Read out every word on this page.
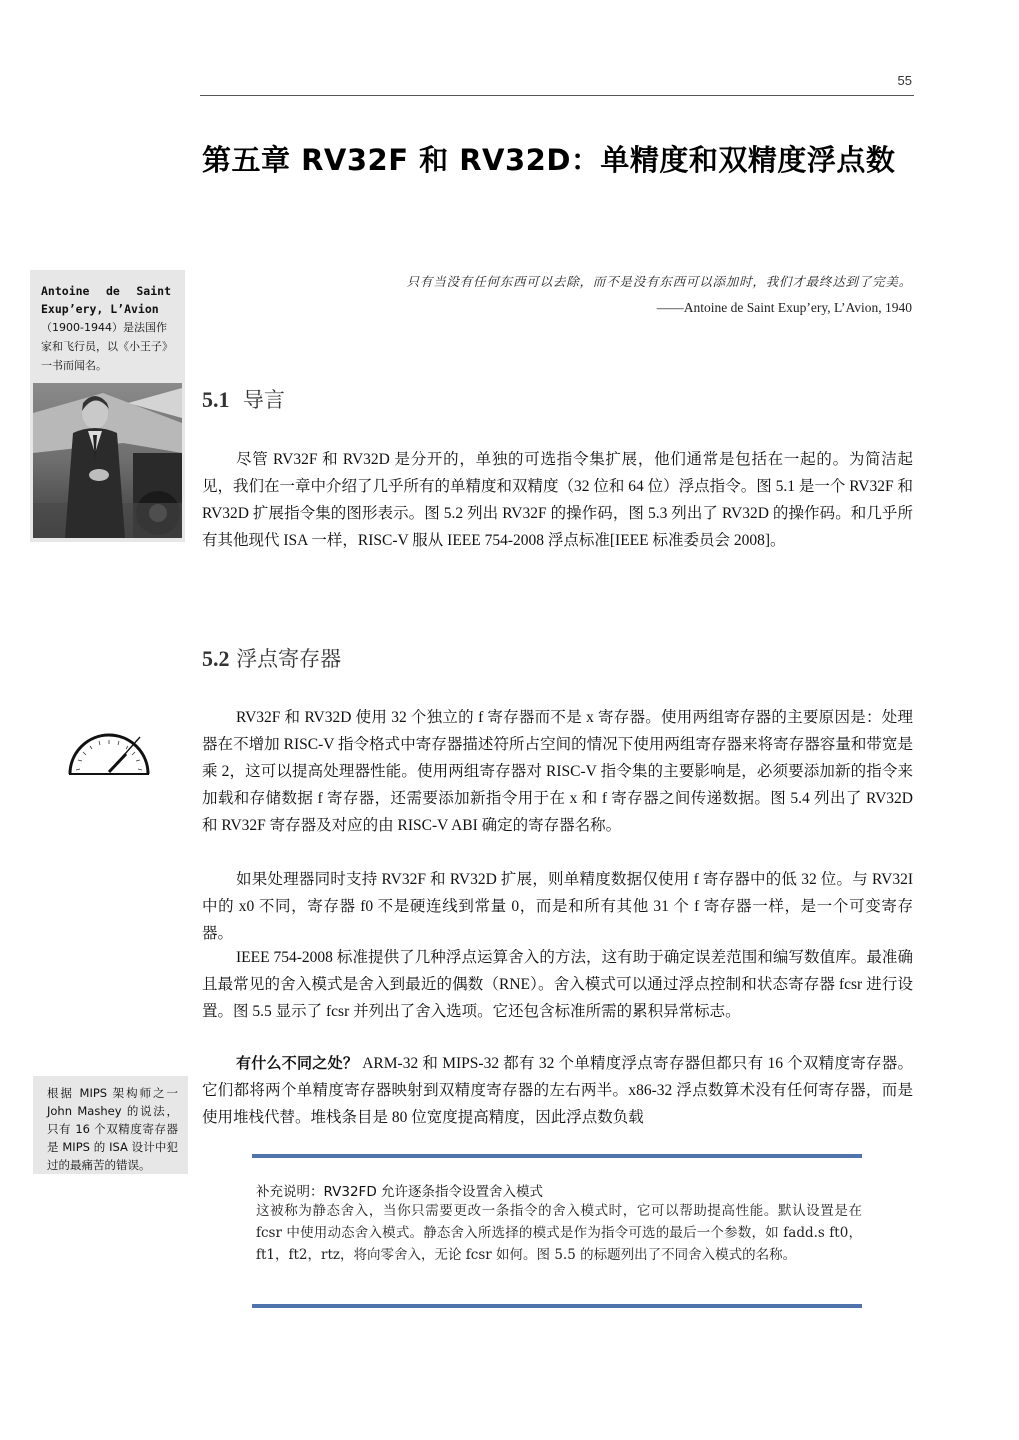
55
第五章 RV32F 和 RV32D：单精度和双精度浮点数
只有当没有任何东西可以去除，而不是没有东西可以添加时，我们才最终达到了完美。
——Antoine de Saint Exup’ery, L’Avion, 1940
Antoine de Saint
Exup’ery, L’Avion
（1900-1944）是法国作家和飞行员，以《小王子》一书而闻名。
5.1 导言
尽管 RV32F 和 RV32D 是分开的，单独的可选指令集扩展，他们通常是包括在一起的。为简洁起见，我们在一章中介绍了几乎所有的单精度和双精度（32 位和 64 位）浮点指令。图 5.1 是一个 RV32F 和 RV32D 扩展指令集的图形表示。图 5.2 列出 RV32F 的操作码，图 5.3 列出了 RV32D 的操作码。和几乎所有其他现代 ISA 一样，RISC-V 服从 IEEE 754-2008 浮点标准[IEEE 标准委员会 2008]。
5.2 浮点寄存器
RV32F 和 RV32D 使用 32 个独立的 f 寄存器而不是 x 寄存器。使用两组寄存器的主要原因是：处理器在不增加 RISC-V 指令格式中寄存器描述符所占空间的情况下使用两组寄存器来将寄存器容量和带宽是乘 2，这可以提高处理器性能。使用两组寄存器对 RISC-V 指令集的主要影响是，必须要添加新的指令来加载和存储数据 f 寄存器，还需要添加新指令用于在 x 和 f 寄存器之间传递数据。图 5.4 列出了 RV32D 和 RV32F 寄存器及对应的由 RISC-V ABI 确定的寄存器名称。
如果处理器同时支持 RV32F 和 RV32D 扩展，则单精度数据仅使用 f 寄存器中的低 32 位。与 RV32I 中的 x0 不同，寄存器 f0 不是硬连线到常量 0，而是和所有其他 31 个 f 寄存器一样，是一个可变寄存器。
IEEE 754-2008 标准提供了几种浮点运算舍入的方法，这有助于确定误差范围和编写数值库。最准确且最常见的舍入模式是舍入到最近的偶数（RNE）。舍入模式可以通过浮点控制和状态寄存器 fcsr 进行设置。图 5.5 显示了 fcsr 并列出了舍入选项。它还包含标准所需的累积异常标志。
有什么不同之处？ ARM-32 和 MIPS-32 都有 32 个单精度浮点寄存器但都只有 16 个双精度寄存器。它们都将两个单精度寄存器映射到双精度寄存器的左右两半。x86-32 浮点数算术没有任何寄存器，而是使用堆栈代替。堆栈条目是 80 位宽度提高精度，因此浮点数负载
根据 MIPS 架构师之一 John Mashey 的说法，只有 16 个双精度寄存器是 MIPS 的 ISA 设计中犯过的最痛苦的错误。
补充说明：RV32FD 允许逐条指令设置舍入模式
这被称为静态舍入，当你只需要更改一条指令的舍入模式时，它可以帮助提高性能。默认设置是在 fcsr 中使用动态舍入模式。静态舍入所选择的模式是作为指令可选的最后一个参数，如 fadd.s ft0，ft1，ft2，rtz，将向零舍入，无论 fcsr 如何。图 5.5 的标题列出了不同舍入模式的名称。
